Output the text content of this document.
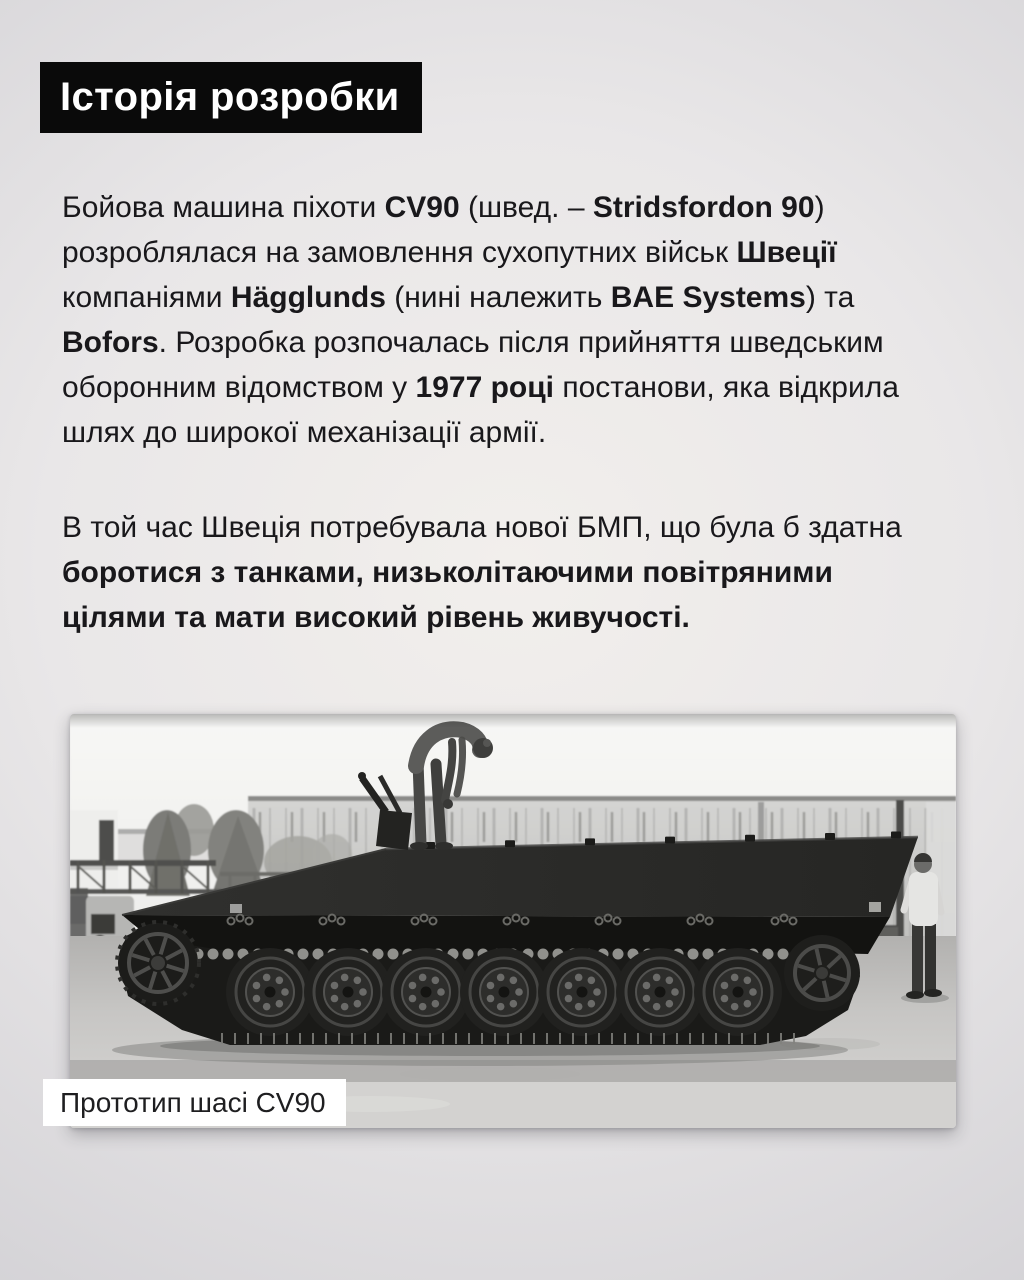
Історія розробки
Бойова машина піхоти CV90 (швед. – Stridsfordon 90)
розроблялася на замовлення сухопутних військ Швеції
компаніями Hägglunds (нині належить BAE Systems) та
Bofors. Розробка розпочалась після прийняття шведським
оборонним відомством у 1977 році постанови, яка відкрила
шлях до широкої механізації армії.
В той час Швеція потребувала нової БМП, що була б здатна
боротися з танками, низьколітаючими повітряними
цілями та мати високий рівень живучості.
Прототип шасі CV90
